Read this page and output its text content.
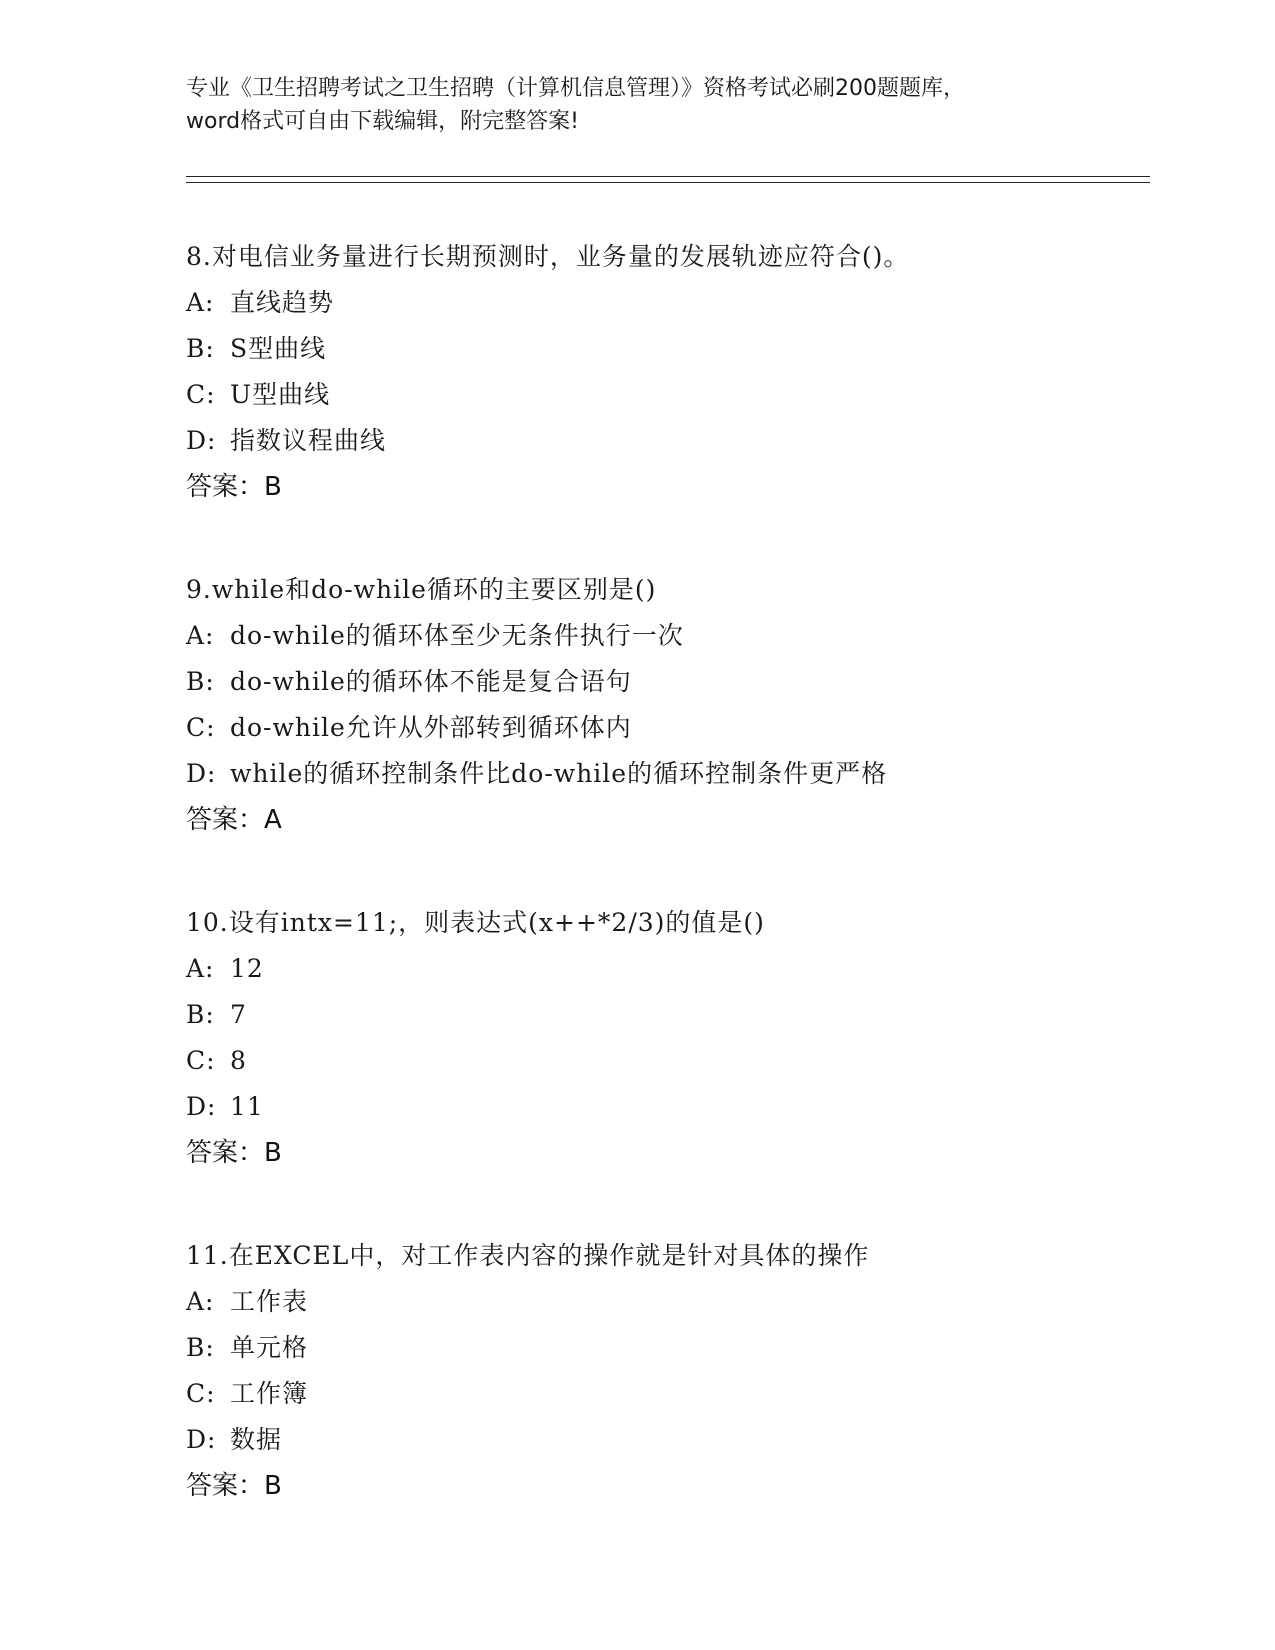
专业《卫生招聘考试之卫生招聘（计算机信息管理）》资格考试必刷200题题库，
word格式可自由下载编辑，附完整答案!
8.对电信业务量进行长期预测时，业务量的发展轨迹应符合()。
A: 直线趋势
B: S型曲线
C: U型曲线
D: 指数议程曲线
答案：B
9.while和do-while循环的主要区别是()
A: do-while的循环体至少无条件执行一次
B: do-while的循环体不能是复合语句
C: do-while允许从外部转到循环体内
D: while的循环控制条件比do-while的循环控制条件更严格
答案：A
10.设有intx=11;，则表达式(x++*2/3)的值是()
A: 12
B: 7
C: 8
D: 11
答案：B
11.在EXCEL中，对工作表内容的操作就是针对具体的操作
A: 工作表
B: 单元格
C: 工作簿
D: 数据
答案：B
